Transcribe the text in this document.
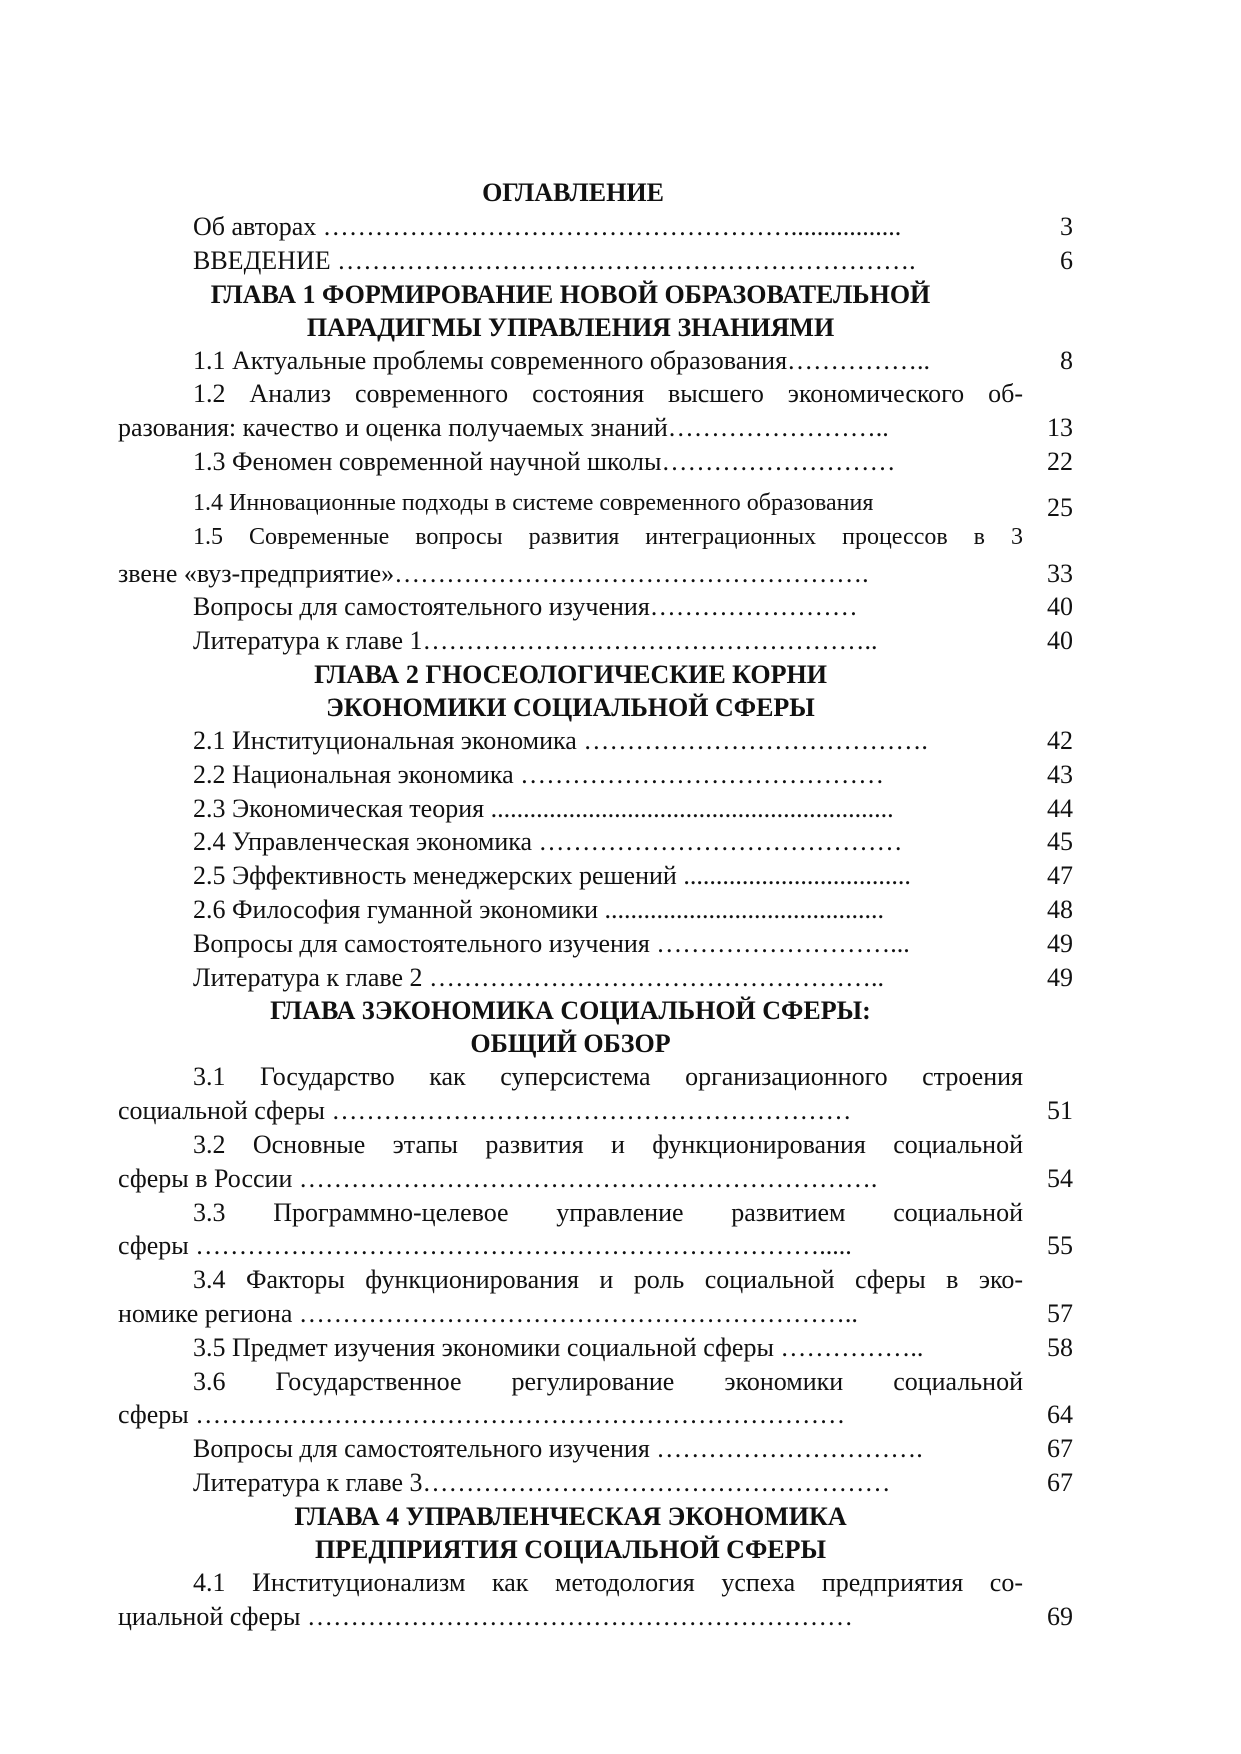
ОГЛАВЛЕНИЕ
Об авторах ……………………………………………….................	3
ВВЕДЕНИЕ ………………………………………………………….	6
ГЛАВА 1 ФОРМИРОВАНИЕ НОВОЙ ОБРАЗОВАТЕЛЬНОЙ
ПАРАДИГМЫ УПРАВЛЕНИЯ ЗНАНИЯМИ
1.1 Актуальные проблемы современного образования……………..	8
1.2 Анализ современного состояния высшего экономического об-
разования: качество и оценка получаемых знаний……………………..	13
1.3 Феномен современной научной школы………………………	22
1.4 Инновационные подходы в системе современного образования	25
1.5 Современные вопросы развития интеграционных процессов в 3
звене «вуз-предприятие»……………………………………………….	33
Вопросы для самостоятельного изучения……………………	40
Литература к главе 1……………………………………………..	40
ГЛАВА 2 ГНОСЕОЛОГИЧЕСКИЕ КОРНИ
ЭКОНОМИКИ СОЦИАЛЬНОЙ СФЕРЫ
2.1 Институциональная экономика ………………………………….	42
2.2 Национальная экономика ……………………………………	43
2.3 Экономическая теория ..............................................................	44
2.4 Управленческая экономика ……………………………………	45
2.5 Эффективность менеджерских решений ...................................	47
2.6 Философия гуманной экономики ...........................................	48
Вопросы для самостоятельного изучения ………………………...	49
Литература к главе 2 ……………………………………………..	49
ГЛАВА 3ЭКОНОМИКА СОЦИАЛЬНОЙ СФЕРЫ:
ОБЩИЙ ОБЗОР
3.1 Государство как суперсистема организационного строения
социальной сферы ……………………………………………………	51
3.2 Основные этапы развития и функционирования социальной
сферы в России ………………………………………………………….	54
3.3 Программно-целевое управление развитием социальной
сферы ……………………………………………………………….....	55
3.4 Факторы функционирования и роль социальной сферы в эко-
номике региона ………………………………………………………..	57
3.5 Предмет изучения экономики социальной сферы ……………..	58
3.6 Государственное регулирование экономики социальной
сферы …………………………………………………………………	64
Вопросы для самостоятельного изучения ………………………….	67
Литература к главе 3………………………………………………	67
ГЛАВА 4 УПРАВЛЕНЧЕСКАЯ ЭКОНОМИКА
ПРЕДПРИЯТИЯ СОЦИАЛЬНОЙ СФЕРЫ
4.1 Институционализм как методология успеха предприятия со-
циальной сферы ………………………………………………………	69
